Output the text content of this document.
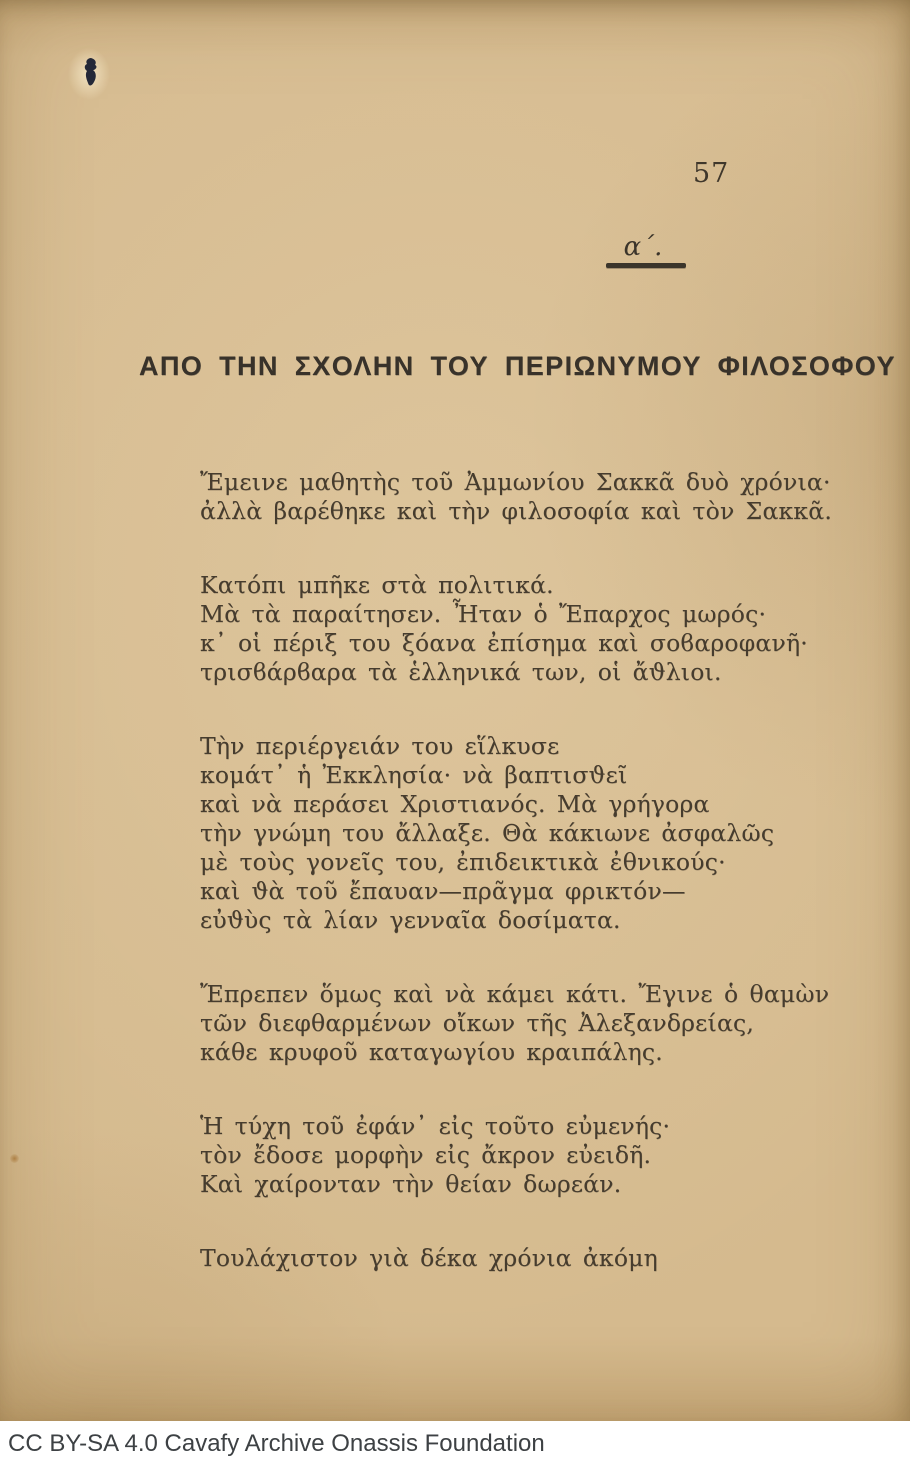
57
α´.
ΑΠΟ ΤΗΝ ΣΧΟΛΗΝ ΤΟΥ ΠΕΡΙΩΝΥΜΟΥ ΦΙΛΟΣΟΦΟΥ
Ἔμεινε μαθητὴς τοῦ Ἀμμωνίου Σακκᾶ δυὸ χρόνια·
ἀλλὰ βαρέθηκε καὶ τὴν φιλοσοφία καὶ τὸν Σακκᾶ.
Κατόπι μπῆκε στὰ πολιτικά.
Μὰ τὰ παραίτησεν. Ἦταν ὁ Ἔπαρχος μωρός·
κ᾿ οἱ πέριξ του ξόανα ἐπίσημα καὶ σοϐαροφανῆ·
τρισϐάρϐαρα τὰ ἑλληνικά των, οἱ ἄϑλιοι.
Τὴν περιέργειάν του εἵλκυσε
κομάτ᾿ ἡ Ἐκκλησία· νὰ βαπτισϑεῖ
καὶ νὰ περάσει Χριστιανός. Μὰ γρήγορα
τὴν γνώμη του ἄλλαξε. Θὰ κάκιωνε ἀσφαλῶς
μὲ τοὺς γονεῖς του, ἐπιδεικτικὰ ἐθνικούς·
καὶ ϑὰ τοῦ ἔπαυαν—πρᾶγμα φρικτόν—
εὐϑὺς τὰ λίαν γενναῖα δοσίματα.
Ἔπρεπεν ὅμως καὶ νὰ κάμει κάτι. Ἔγινε ὁ θαμὼν
τῶν διεφθαρμένων οἴκων τῆς Ἀλεξανδρείας,
κάθε κρυφοῦ καταγωγίου κραιπάλης.
Ἡ τύχη τοῦ ἐφάν᾿ εἰς τοῦτο εὐμενής·
τὸν ἔδοσε μορφὴν εἰς ἄκρον εὐειδῆ.
Καὶ χαίρονταν τὴν θείαν δωρεάν.
Τουλάχιστον γιὰ δέκα χρόνια ἀκόμη
CC BY-SA 4.0 Cavafy Archive Onassis Foundation
